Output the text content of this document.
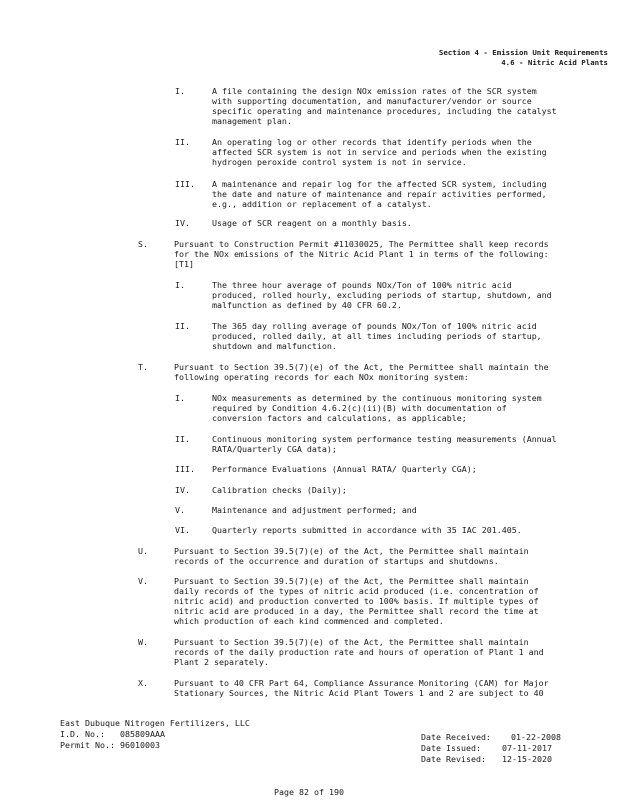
Section 4 - Emission Unit Requirements
4.6 - Nitric Acid Plants
I.	A file containing the design NOx emission rates of the SCR system
with supporting documentation, and manufacturer/vendor or source
specific operating and maintenance procedures, including the catalyst
management plan.
II.	An operating log or other records that identify periods when the
affected SCR system is not in service and periods when the existing
hydrogen peroxide control system is not in service.
III. A maintenance and repair log for the affected SCR system, including
the date and nature of maintenance and repair activities performed,
e.g., addition or replacement of a catalyst.
IV.	Usage of SCR reagent on a monthly basis.
S.	Pursuant to Construction Permit #11030025, The Permittee shall keep records
for the NOx emissions of the Nitric Acid Plant 1 in terms of the following:
[T1]
I.	The three hour average of pounds NOx/Ton of 100% nitric acid
produced, rolled hourly, excluding periods of startup, shutdown, and
malfunction as defined by 40 CFR 60.2.
II.	The 365 day rolling average of pounds NOx/Ton of 100% nitric acid
produced, rolled daily, at all times including periods of startup,
shutdown and malfunction.
T.	Pursuant to Section 39.5(7)(e) of the Act, the Permittee shall maintain the
following operating records for each NOx monitoring system:
I.	NOx measurements as determined by the continuous monitoring system
required by Condition 4.6.2(c)(ii)(B) with documentation of
conversion factors and calculations, as applicable;
II.	Continuous monitoring system performance testing measurements (Annual
RATA/Quarterly CGA data);
III. Performance Evaluations (Annual RATA/ Quarterly CGA);
IV.	Calibration checks (Daily);
V.	Maintenance and adjustment performed; and
VI.	Quarterly reports submitted in accordance with 35 IAC 201.405.
U.	Pursuant to Section 39.5(7)(e) of the Act, the Permittee shall maintain
records of the occurrence and duration of startups and shutdowns.
V.	Pursuant to Section 39.5(7)(e) of the Act, the Permittee shall maintain
daily records of the types of nitric acid produced (i.e. concentration of
nitric acid) and production converted to 100% basis. If multiple types of
nitric acid are produced in a day, the Permittee shall record the time at
which production of each kind commenced and completed.
W.	Pursuant to Section 39.5(7)(e) of the Act, the Permittee shall maintain
records of the daily production rate and hours of operation of Plant 1 and
Plant 2 separately.
X.	Pursuant to 40 CFR Part 64, Compliance Assurance Monitoring (CAM) for Major
Stationary Sources, the Nitric Acid Plant Towers 1 and 2 are subject to 40
East Dubuque Nitrogen Fertilizers, LLC
I.D. No.: 085809AAA
Permit No.: 96010003
Date Received: 01-22-2008
Date Issued:	07-11-2017
Date Revised: 12-15-2020
Page 82 of 190
